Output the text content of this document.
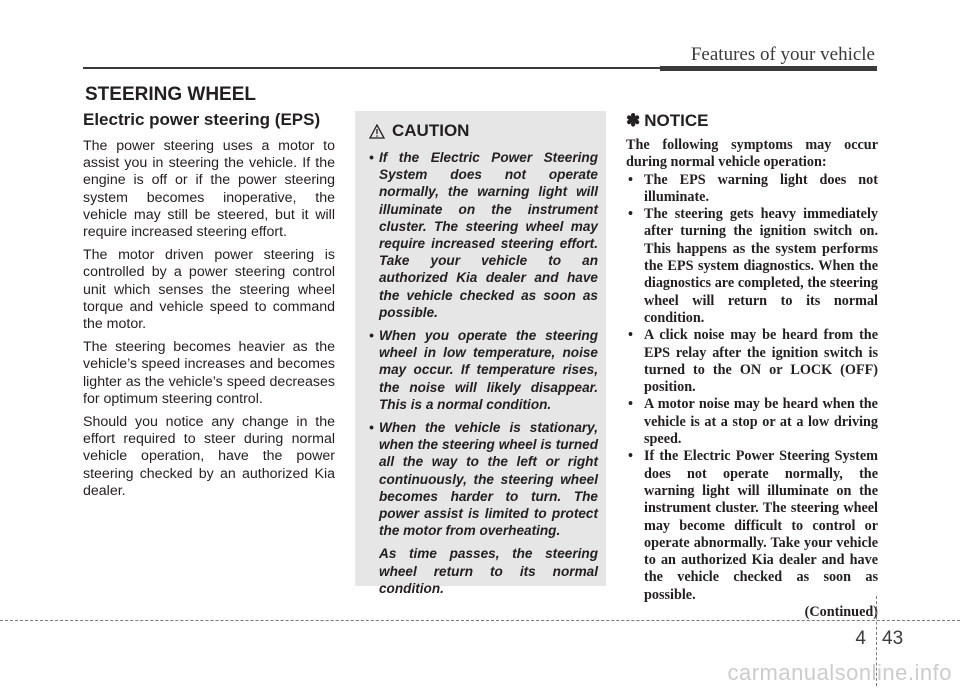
Features of your vehicle
STEERING WHEEL
Electric power steering (EPS)

The power steering uses a motor to assist you in steering the vehicle. If the engine is off or if the power steering system becomes inoperative, the vehicle may still be steered, but it will require increased steering effort.

The motor driven power steering is controlled by a power steering control unit which senses the steering wheel torque and vehicle speed to command the motor.

The steering becomes heavier as the vehicle’s speed increases and becomes lighter as the vehicle’s speed decreases for optimum steering control.

Should you notice any change in the effort required to steer during normal vehicle operation, have the power steering checked by an authorized Kia dealer.

CAUTION
• If the Electric Power Steering System does not operate normally, the warning light will illuminate on the instrument cluster. The steering wheel may require increased steering effort. Take your vehicle to an authorized Kia dealer and have the vehicle checked as soon as possible.
• When you operate the steering wheel in low temperature, noise may occur. If temperature rises, the noise will likely disappear. This is a normal condition.
• When the vehicle is stationary, when the steering wheel is turned all the way to the left or right continuously, the steering wheel becomes harder to turn. The power assist is limited to protect the motor from overheating.

As time passes, the steering wheel return to its normal condition.

✽ NOTICE

The following symptoms may occur during normal vehicle operation:

• The EPS warning light does not illuminate.
• The steering gets heavy immediately after turning the ignition switch on. This happens as the system performs the EPS system diagnostics. When the diagnostics are completed, the steering wheel will return to its normal condition.
• A click noise may be heard from the EPS relay after the ignition switch is turned to the ON or LOCK (OFF) position.
• A motor noise may be heard when the vehicle is at a stop or at a low driving speed.
• If the Electric Power Steering System does not operate normally, the warning light will illuminate on the instrument cluster. The steering wheel may become difficult to control or operate abnormally. Take your vehicle to an authorized Kia dealer and have the vehicle checked as soon as possible.

(Continued)

4 43
carmanualsonline.info
